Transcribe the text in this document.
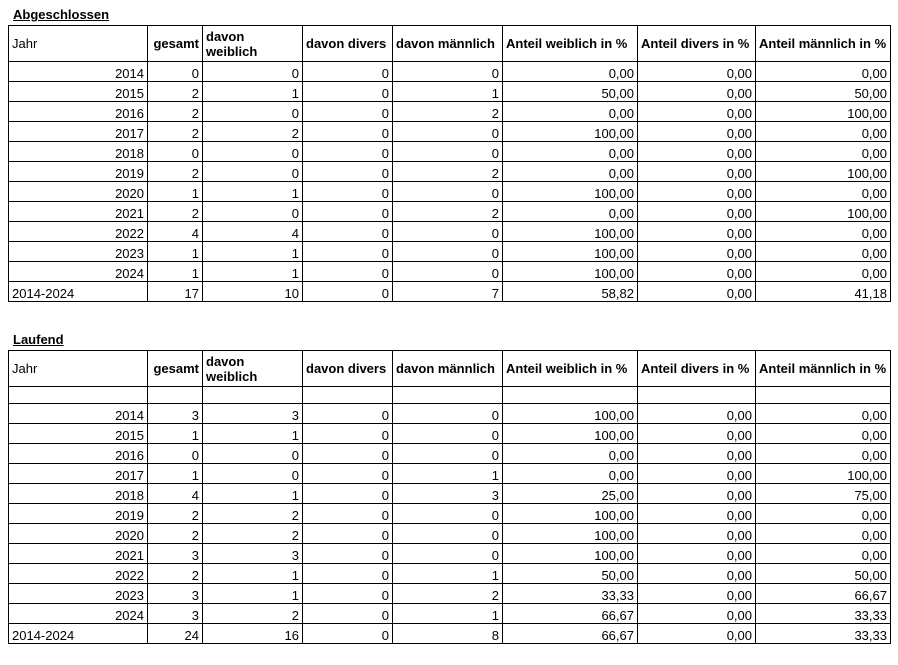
Abgeschlossen
Jahr	gesamt	davon weiblich	davon divers	davon männlich	Anteil weiblich in %	Anteil divers in %	Anteil männlich in %
2014	0	0	0	0	0,00	0,00	0,00
2015	2	1	0	1	50,00	0,00	50,00
2016	2	0	0	2	0,00	0,00	100,00
2017	2	2	0	0	100,00	0,00	0,00
2018	0	0	0	0	0,00	0,00	0,00
2019	2	0	0	2	0,00	0,00	100,00
2020	1	1	0	0	100,00	0,00	0,00
2021	2	0	0	2	0,00	0,00	100,00
2022	4	4	0	0	100,00	0,00	0,00
2023	1	1	0	0	100,00	0,00	0,00
2024	1	1	0	0	100,00	0,00	0,00
2014-2024	17	10	0	7	58,82	0,00	41,18
Laufend
Jahr	gesamt	davon weiblich	davon divers	davon männlich	Anteil weiblich in %	Anteil divers in %	Anteil männlich in %

2014	3	3	0	0	100,00	0,00	0,00
2015	1	1	0	0	100,00	0,00	0,00
2016	0	0	0	0	0,00	0,00	0,00
2017	1	0	0	1	0,00	0,00	100,00
2018	4	1	0	3	25,00	0,00	75,00
2019	2	2	0	0	100,00	0,00	0,00
2020	2	2	0	0	100,00	0,00	0,00
2021	3	3	0	0	100,00	0,00	0,00
2022	2	1	0	1	50,00	0,00	50,00
2023	3	1	0	2	33,33	0,00	66,67
2024	3	2	0	1	66,67	0,00	33,33
2014-2024	24	16	0	8	66,67	0,00	33,33
